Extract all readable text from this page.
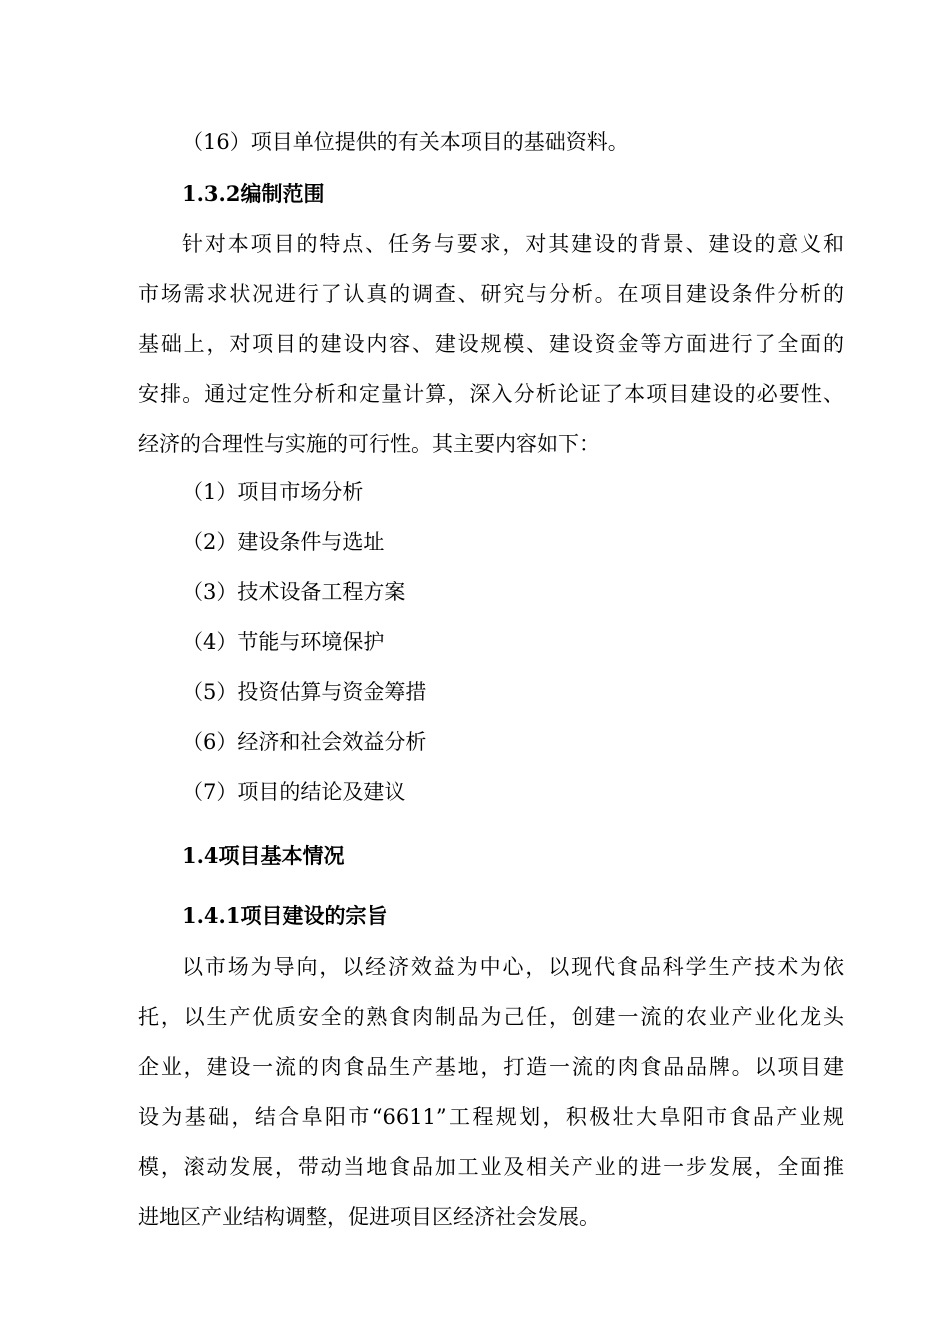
（16）项目单位提供的有关本项目的基础资料。
1.3.2编制范围
针对本项目的特点、任务与要求，对其建设的背景、建设的意义和
市场需求状况进行了认真的调查、研究与分析。在项目建设条件分析的
基础上，对项目的建设内容、建设规模、建设资金等方面进行了全面的
安排。通过定性分析和定量计算，深入分析论证了本项目建设的必要性、
经济的合理性与实施的可行性。其主要内容如下：
（1）项目市场分析
（2）建设条件与选址
（3）技术设备工程方案
（4）节能与环境保护
（5）投资估算与资金筹措
（6）经济和社会效益分析
（7）项目的结论及建议
1.4项目基本情况
1.4.1项目建设的宗旨
以市场为导向，以经济效益为中心，以现代食品科学生产技术为依
托，以生产优质安全的熟食肉制品为己任，创建一流的农业产业化龙头
企业，建设一流的肉食品生产基地，打造一流的肉食品品牌。以项目建
设为基础，结合阜阳市“6611”工程规划，积极壮大阜阳市食品产业规
模，滚动发展，带动当地食品加工业及相关产业的进一步发展，全面推
进地区产业结构调整，促进项目区经济社会发展。
